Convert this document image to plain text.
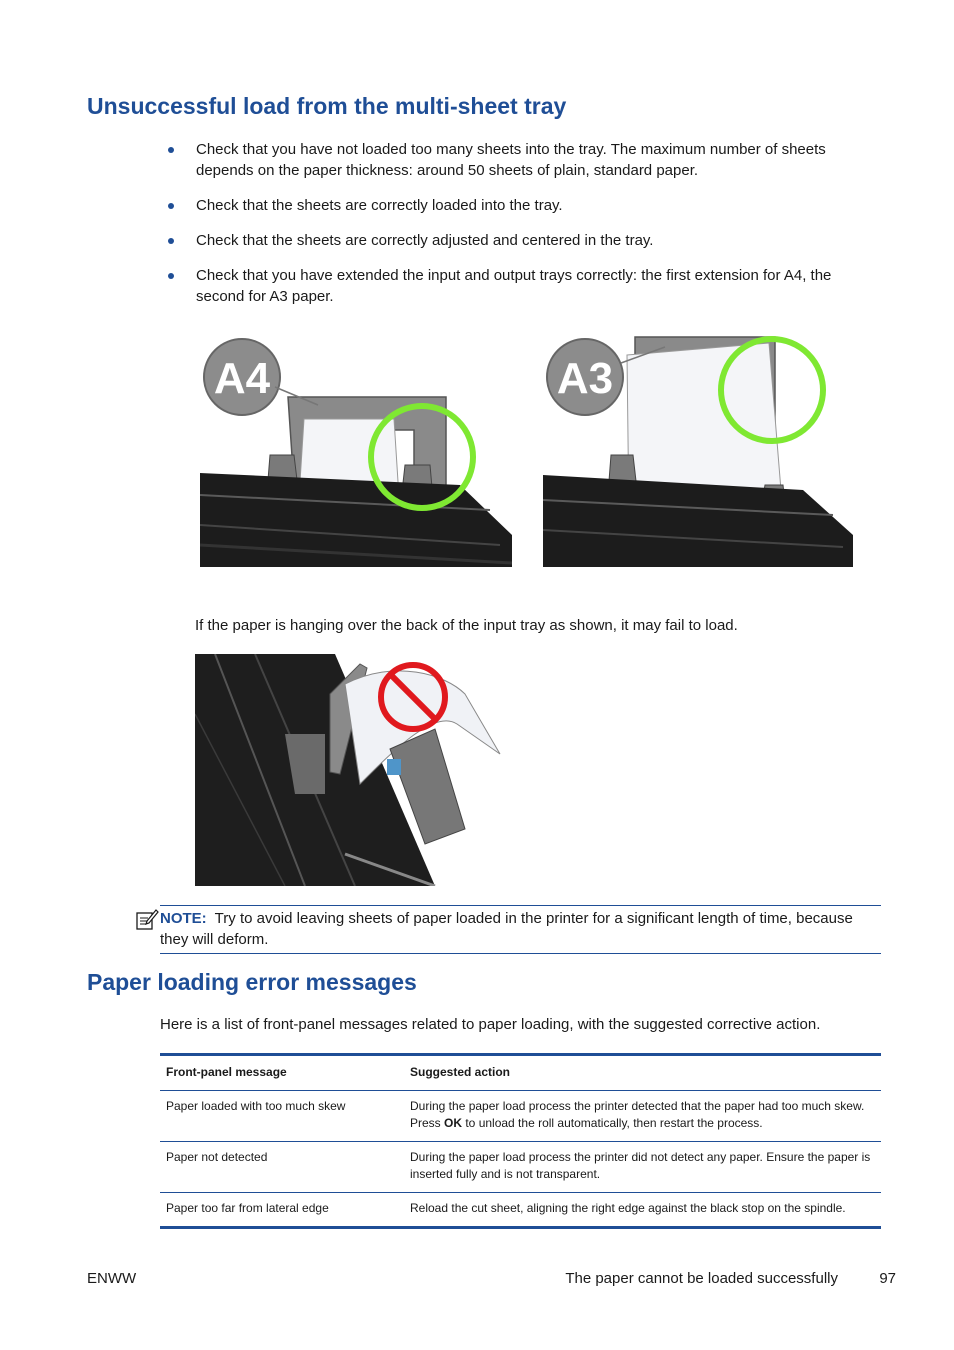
Unsuccessful load from the multi-sheet tray
Check that you have not loaded too many sheets into the tray. The maximum number of sheets depends on the paper thickness: around 50 sheets of plain, standard paper.
Check that the sheets are correctly loaded into the tray.
Check that the sheets are correctly adjusted and centered in the tray.
Check that you have extended the input and output trays correctly: the first extension for A4, the second for A3 paper.
A4	A3

If the paper is hanging over the back of the input tray as shown, it may fail to load.

NOTE: Try to avoid leaving sheets of paper loaded in the printer for a significant length of time, because they will deform.
Paper loading error messages

Here is a list of front-panel messages related to paper loading, with the suggested corrective action.

Front-panel message	Suggested action
Paper loaded with too much skew	During the paper load process the printer detected that the paper had too much skew. Press OK to unload the roll automatically, then restart the process.
Paper not detected	During the paper load process the printer did not detect any paper. Ensure the paper is inserted fully and is not transparent.
Paper too far from lateral edge	Reload the cut sheet, aligning the right edge against the black stop on the spindle.
ENWW	The paper cannot be loaded successfully	97
